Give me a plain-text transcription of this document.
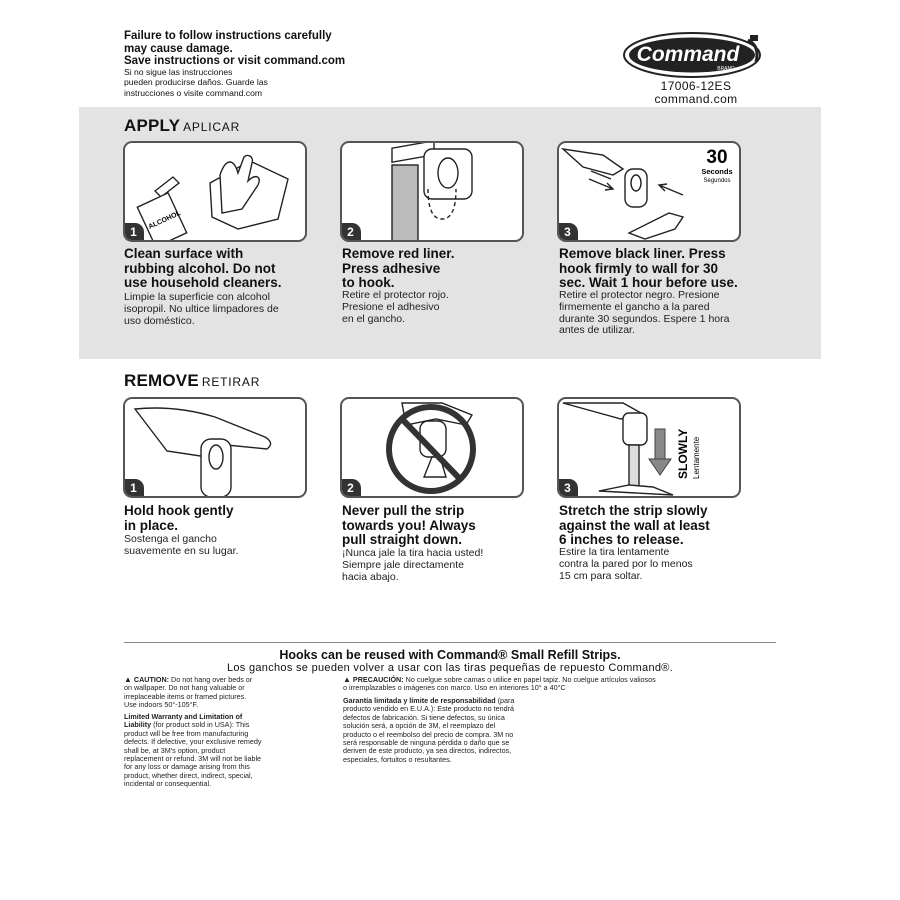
Failure to follow instructions carefully
may cause damage.
Save instructions or visit command.com
Si no sigue las instrucciones
pueden producirse daños. Guarde las
instrucciones o visite command.com
Command
BRAND
17006-12ES
command.com
APPLY APLICAR
ALCOHOL
1
Clean surface with
rubbing alcohol. Do not
use household cleaners.
Limpie la superficie con alcohol
isopropil. No ultice limpadores de
uso doméstico.
2
Remove red liner.
Press adhesive
to hook.
Retire el protector rojo.
Presione el adhesivo
en el gancho.
30
Seconds
Segundos
3
Remove black liner. Press
hook firmly to wall for 30
sec. Wait 1 hour before use.
Retire el protector negro. Presione
firmemente el gancho a la pared
durante 30 segundos. Espere 1 hora
antes de utilizar.
REMOVE RETIRAR
1
Hold hook gently
in place.
Sostenga el gancho
suavemente en su lugar.
2
Never pull the strip
towards you! Always
pull straight down.
¡Nunca jale la tira hacia usted!
Siempre jale directamente
hacia abajo.
SLOWLY Lentamente
3
Stretch the strip slowly
against the wall at least
6 inches to release.
Estire la tira lentamente
contra la pared por lo menos
15 cm para soltar.
Hooks can be reused with Command® Small Refill Strips.
Los ganchos se pueden volver a usar con las tiras pequeñas de repuesto Command®.
▲ CAUTION: Do not hang over beds or
on wallpaper. Do not hang valuable or
irreplaceable items or framed pictures.
Use indoors 50°-105°F.
Limited Warranty and Limitation of
Liability (for product sold in USA): This
product will be free from manufacturing
defects. If defective, your exclusive remedy
shall be, at 3M's option, product
replacement or refund. 3M will not be liable
for any loss or damage arising from this
product, whether direct, indirect, special,
incidental or consequential.
▲ PRECAUCIÓN: No cuelgue sobre camas o utilice en papel tapiz. No cuelgue artículos valiosos
o irremplazables o imágenes con marco. Uso en interiores 10° a 40°C
Garantía limitada y límite de responsabilidad (para
producto vendido en E.U.A.): Este producto no tendrá
defectos de fabricación. Si tiene defectos, su única
solución será, a opción de 3M, el reemplazo del
producto o el reembolso del precio de compra. 3M no
será responsable de ninguna pérdida o daño que se
deriven de este producto, ya sea directos, indirectos,
especiales, fortuitos o resultantes.
